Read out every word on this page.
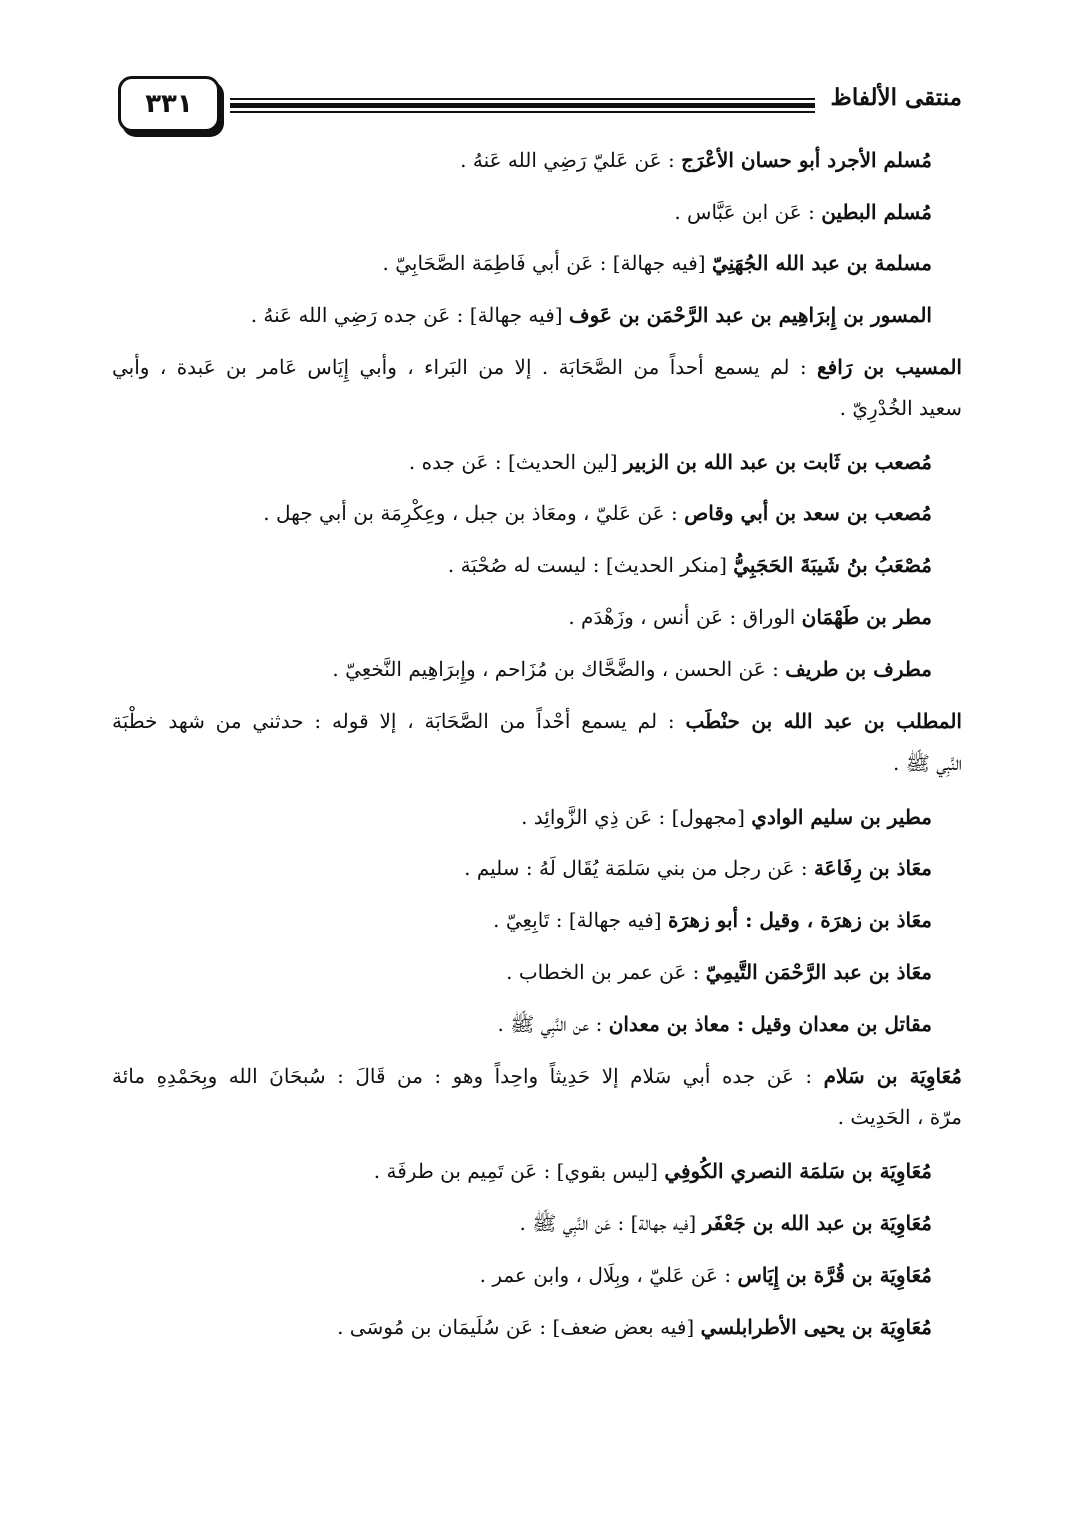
٣٣١	منتقى الألفاظ
مُسلم الأجرد أبو حسان الأعْرَج : عَن عَليّ رَضِي الله عَنهُ .
مُسلم البطين : عَن ابن عَبَّاس .
مسلمة بن عبد الله الجُهَنِيّ [فيه جهالة] : عَن أبي فَاطِمَة الصَّحَابِيّ .
المسور بن إِبرَاهِيم بن عبد الرَّحْمَن بن عَوف [فيه جهالة] : عَن جده رَضِي الله عَنهُ .
المسيب بن رَافع : لم يسمع أحداً من الصَّحَابَة . إلا من البَراء ، وأبي إِيَاس عَامر بن عَبدة ، وأبي
سعيد الخُدْرِيّ .
مُصعب بن ثَابت بن عبد الله بن الزبير [لين الحديث] : عَن جده .
مُصعب بن سعد بن أبي وقاص : عَن عَليّ ، ومعَاذ بن جبل ، وعِكْرِمَة بن أبي جهل .
مُصْعَبُ بنُ شَيبَةَ الحَجَبِيُّ [منكر الحديث] : ليست له صُحْبَة .
مطر بن طَهْمَان الوراق : عَن أنس ، وزَهْدَم .
مطرف بن طريف : عَن الحسن ، والضَّحَّاك بن مُزَاحم ، وإِبرَاهِيم النَّخعِيّ .
المطلب بن عبد الله بن حنْطَب : لم يسمع أحْداً من الصَّحَابَة ، إلا قوله : حدثني من شهد خطْبَة
النَّبِي ﷺ .
مطير بن سليم الوادي [مجهول] : عَن ذِي الزَّوائِد .
معَاذ بن رِفَاعَة : عَن رجل من بني سَلمَة يُقَال لَهُ : سليم .
معَاذ بن زهرَة ، وقيل : أبو زهرَة [فيه جهالة] : تَابِعِيّ .
معَاذ بن عبد الرَّحْمَن التَّيمِيّ : عَن عمر بن الخطاب .
مقاتل بن معدان وقيل : معاذ بن معدان : عن النَّبِي ﷺ .
مُعَاوِيَة بن سَلام : عَن جده أبي سَلام إلا حَدِيثاً واحِداً وهو : من قَالَ : سُبحَانَ الله وبِحَمْدِهِ مائة
مرّة ، الحَدِيث .
مُعَاوِيَة بن سَلمَة النصري الكُوفِي [ليس بقوي] : عَن تَمِيم بن طرفَة .
مُعَاوِيَة بن عبد الله بن جَعْفَر [فيه جهالة] : عَن النَّبِي ﷺ .
مُعَاوِيَة بن قُرَّة بن إِيَاس : عَن عَليّ ، وبِلَال ، وابن عمر .
مُعَاوِيَة بن يحيى الأطرابلسي [فيه بعض ضعف] : عَن سُلَيمَان بن مُوسَى .
